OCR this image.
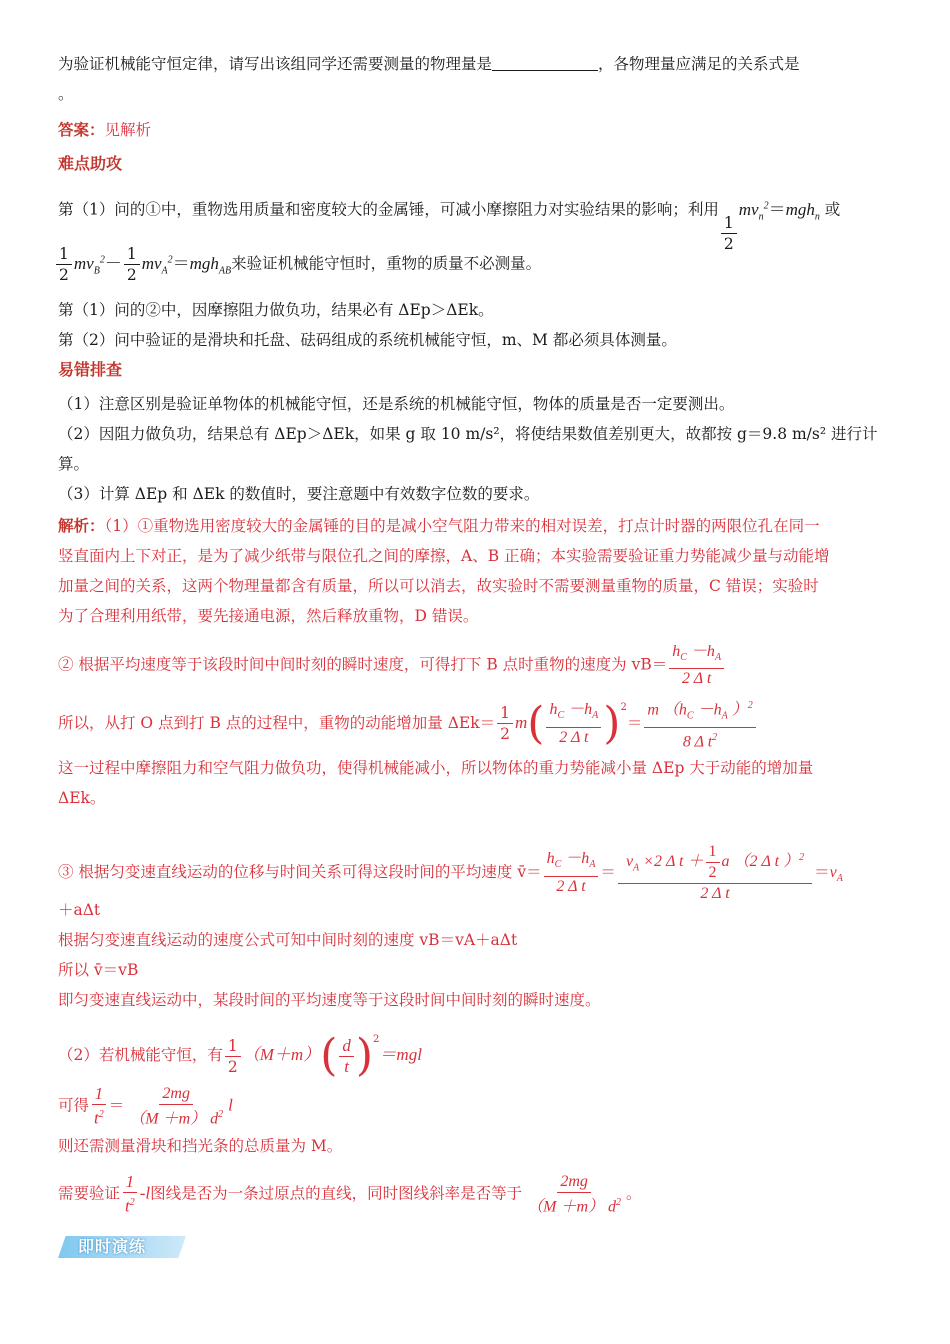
为验证机械能守恒定律，请写出该组同学还需要测量的物理量是	，各物理量应满足的关系式是
。
答案：见解析
难点助攻
第（1）问的①中，重物选用质量和密度较大的金属锤，可减小摩擦阻力对实验结果的影响；利用
$\frac{1}{2}$
$mv_n^2=mgh_n$ 或
$\frac{1}{2} mv_B^2- \frac{1}{2} mv_A^2=mgh_{AB}$来验证机械能守恒时，重物的质量不必测量。
第（1）问的②中，因摩擦阻力做负功，结果必有 ΔEp＞ΔEk。
第（2）问中验证的是滑块和托盘、砝码组成的系统机械能守恒，m、M 都必须具体测量。
易错排查
（1）注意区别是验证单物体的机械能守恒，还是系统的机械能守恒，物体的质量是否一定要测出。
（2）因阻力做负功，结果总有 ΔEp＞ΔEk，如果 g 取 10 m/s²，将使结果数值差别更大，故都按 g＝9.8 m/s² 进行计
算。
（3）计算 ΔEp 和 ΔEk 的数值时，要注意题中有效数字位数的要求。
解析：（1）①重物选用密度较大的金属锤的目的是减小空气阻力带来的相对误差，打点计时器的两限位孔在同一
竖直面内上下对正，是为了减少纸带与限位孔之间的摩擦，A、B 正确；本实验需要验证重力势能减少量与动能增
加量之间的关系，这两个物理量都含有质量，所以可以消去，故实验时不需要测量重物的质量，C 错误；实验时
为了合理利用纸带，要先接通电源，然后释放重物，D 错误。
② 根据平均速度等于该段时间中间时刻的瞬时速度，可得打下 B 点时重物的速度为 $vB= \frac{h_C -h_A}{\text{2 Δ t}}$
所以，从打 O 点到打 B 点的过程中，重物的动能增加量 $\Delta Ek= \frac{1}{2} m( \frac{h_C -h_A}{\text{2 Δ t}} )^2= \frac{m (h_C -h_A )^2}{8 \Delta t^2}$
这一过程中摩擦阻力和空气阻力做负功，使得机械能减小，所以物体的重力势能减小量 ΔEp 大于动能的增加量
ΔEk。
③ 根据匀变速直线运动的位移与时间关系可得这段时间的平均速度 v̄＝ $\frac{h_C -h_A}{\text{2 Δ t}} = \frac{v_A \times 2 \Delta t + \frac{1}{2} a (2 \Delta t )^2}{\text{2 Δ t}} =v_A$
＋aΔt
根据匀变速直线运动的速度公式可知中间时刻的速度 vB＝vA＋aΔt
所以 v̄＝vB
即匀变速直线运动中，某段时间的平均速度等于这段时间中间时刻的瞬时速度。
（2）若机械能守恒，有 $\frac{1}{2} (M+m)( \frac{d}{t} )^2=mgl$
可得 $\frac{1}{t^2} = \frac{2mg}{(M +m) d^2}$ l
则还需测量滑块和挡光条的总质量为 M。
需要验证 $\frac{1}{t^2} -l$图线是否为一条过原点的直线，同时图线斜率是否等于 $\frac{2mg}{(M +m) d^2}$ 。
即时演练
